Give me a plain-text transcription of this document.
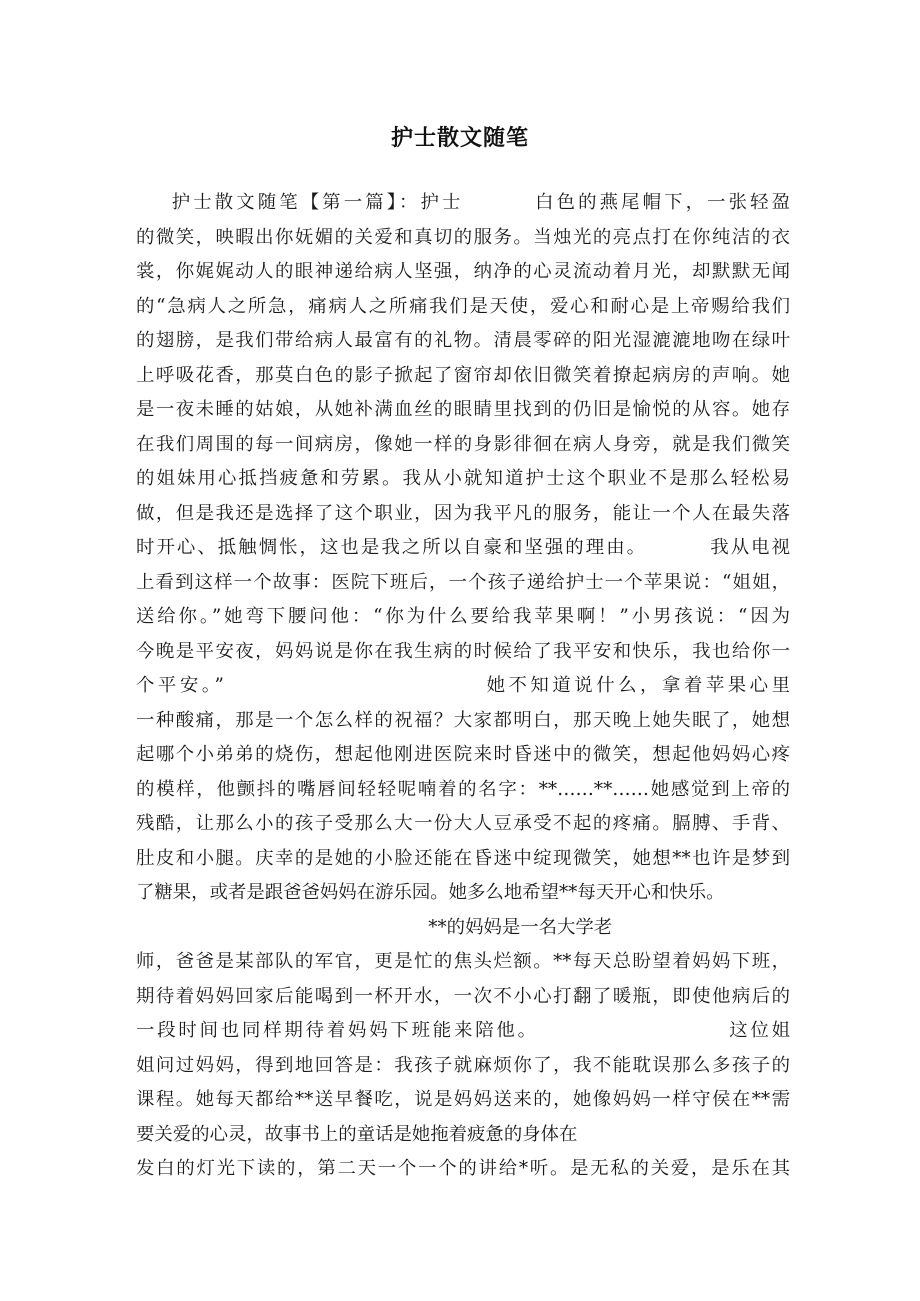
护士散文随笔
护士散文随笔【第一篇】：护士        白色的燕尾帽下，一张轻盈
的微笑，映暇出你妩媚的关爱和真切的服务。当烛光的亮点打在你纯洁的衣
裳，你娓娓动人的眼神递给病人坚强，纳净的心灵流动着月光，却默默无闻
的“急病人之所急，痛病人之所痛我们是天使，爱心和耐心是上帝赐给我们
的翅膀，是我们带给病人最富有的礼物。清晨零碎的阳光湿漉漉地吻在绿叶
上呼吸花香，那莫白色的影子掀起了窗帘却依旧微笑着撩起病房的声响。她
是一夜未睡的姑娘，从她补满血丝的眼睛里找到的仍旧是愉悦的从容。她存
在我们周围的每一间病房，像她一样的身影徘徊在病人身旁，就是我们微笑
的姐妹用心抵挡疲惫和劳累。我从小就知道护士这个职业不是那么轻松易
做，但是我还是选择了这个职业，因为我平凡的服务，能让一个人在最失落
时开心、抵触惆怅，这也是我之所以自豪和坚强的理由。        我从电视
上看到这样一个故事：医院下班后，一个孩子递给护士一个苹果说：“姐姐，
送给你。”她弯下腰问他：“你为什么要给我苹果啊！”小男孩说：“因为
今晚是平安夜，妈妈说是你在我生病的时候给了我平安和快乐，我也给你一
个平安。”                            她不知道说什么，拿着苹果心里
一种酸痛，那是一个怎么样的祝福？大家都明白，那天晚上她失眠了，她想
起哪个小弟弟的烧伤，想起他刚进医院来时昏迷中的微笑，想起他妈妈心疼
的模样，他颤抖的嘴唇间轻轻呢喃着的名字：**……**……她感觉到上帝的
残酷，让那么小的孩子受那么大一份大人豆承受不起的疼痛。膈膊、手背、
肚皮和小腿。庆幸的是她的小脸还能在昏迷中绽现微笑，她想**也许是梦到
了糖果，或者是跟爸爸妈妈在游乐园。她多么地希望**每天开心和快乐。
**的妈妈是一名大学老
师，爸爸是某部队的军官，更是忙的焦头烂额。**每天总盼望着妈妈下班，
期待着妈妈回家后能喝到一杯开水，一次不小心打翻了暖瓶，即使他病后的
一段时间也同样期待着妈妈下班能来陪他。                      这位姐
姐问过妈妈，得到地回答是：我孩子就麻烦你了，我不能耽误那么多孩子的
课程。她每天都给**送早餐吃，说是妈妈送来的，她像妈妈一样守侯在**需
要关爱的心灵，故事书上的童话是她拖着疲惫的身体在
发白的灯光下读的，第二天一个一个的讲给*听。是无私的关爱，是乐在其
